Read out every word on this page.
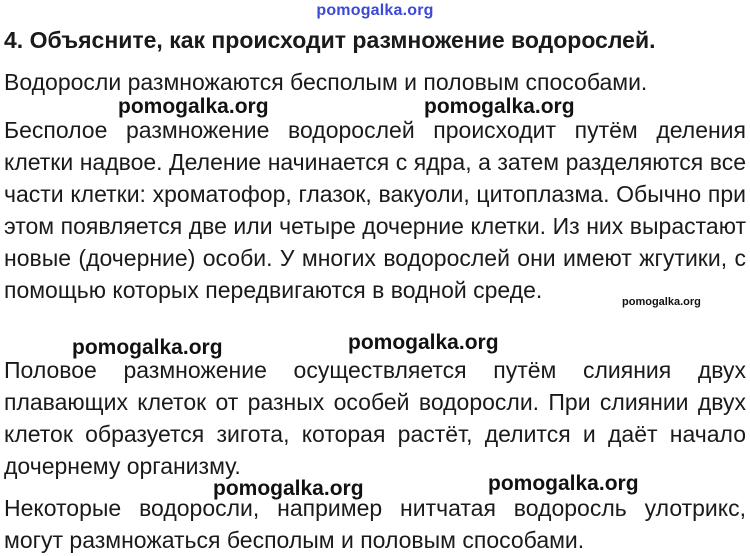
pomogalka.org
4. Объясните, как происходит размножение водорослей.

Водоросли размножаются бесполым и половым способами.

Бесполое размножение водорослей происходит путём деления клетки надвое. Деление начинается с ядра, а затем разделяются все части клетки: хроматофор, глазок, вакуоли, цитоплазма. Обычно при этом появляется две или четыре дочерние клетки. Из них вырастают новые (дочерние) особи. У многих водорослей они имеют жгутики, с помощью которых передвигаются в водной среде.

Половое размножение осуществляется путём слияния двух плавающих клеток от разных особей водоросли. При слиянии двух клеток образуется зигота, которая растёт, делится и даёт начало дочернему организму.

Некоторые водоросли, например нитчатая водоросль улотрикс, могут размножаться бесполым и половым способами.

pomogalka.org	pomogalka.org
pomogalka.org
pomogalka.org	pomogalka.org
pomogalka.org	pomogalka.org
